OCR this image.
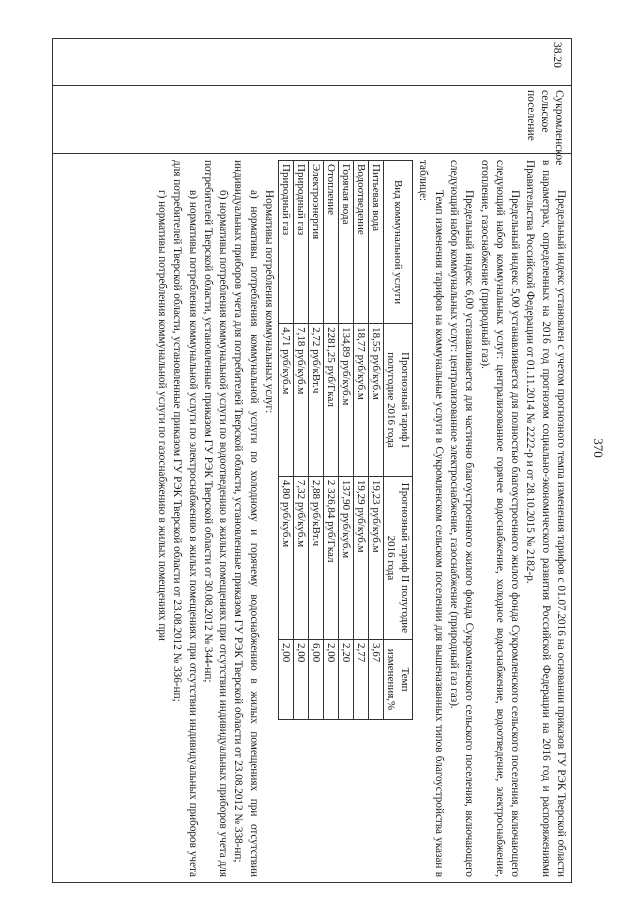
370
38.20
Сукромленское сельское поселение

Предельный индекс установлен с учетом прогнозного темпа изменения тарифов с 01.07.2016 на основании приказов ГУ РЭК Тверской области в параметрах, определенных на 2016 год прогнозом социально-экономического развития Российской Федерации на 2016 год и распоряжениями Правительства Российской Федерации от 01.11.2014 № 2222-р и от 28.10.2015 № 2182-р.

Предельный индекс 5,00 устанавливается для полностью благоустроенного жилого фонда Сукромленского сельского поселения, включающего следующий набор коммунальных услуг: централизованное горячее водоснабжение, холодное водоснабжение, водоотведение, электроснабжение, отопление, газоснабжение (природный газ).

Предельный индекс 6,00 устанавливается для частично благоустроенного жилого фонда Сукромленского сельского поселения, включающего следующий набор коммунальных услуг: централизованное электроснабжение, газоснабжение (природный газ газ).

Темп изменения тарифов на коммунальные услуги в Сукромленском сельском поселении для вышеназванных типов благоустройства указан в таблице:

Вид коммунальной услуги	Прогнозный тариф I полугодие 2016 года	Прогнозный тариф II полугодие 2016 года	Темп изменения,%
Питьевая вода	18,55 руб/куб.м	19,23 руб/куб.м	3,67
Водоотведение	18,77 руб/куб.м	19,29 руб/куб.м	2,77
Горячая вода	134,89 руб/куб.м	137,90 руб/куб.м	2,20
Отопление	2281,25 руб/Гкал	2 326,84 руб/Гкал	2,00
Электроэнергия	2,72 руб/кВт.ч	2,88 руб/кВт.ч	6,00
Природный газ	7,18 руб/куб.м	7,32 руб/куб.м	2,00
Природный газ	4,71 руб/куб.м	4,80 руб/куб.м	2,00

Нормативы потребления коммунальных услуг:

а) нормативы потребления коммунальной услуги по холодному и горячему водоснабжению в жилых помещениях при отсутствии индивидуальных приборов учета для потребителей Тверской области, установленные приказом ГУ РЭК Тверской области от 23.08.2012 № 338-нп;

б) нормативы потребления коммунальной услуги по водоотведению в жилых помещениях при отсутствии индивидуальных приборов учета для потребителей Тверской области, установленные приказом ГУ РЭК Тверской области от 30.08.2012 № 344-нп;

в) нормативы потребления коммунальной услуги по электроснабжению в жилых помещениях при отсутствии индивидуальных приборов учета для потребителей Тверской области, установленные приказом ГУ РЭК Тверской области от 23.08.2012 № 336-нп;

г) нормативы потребления коммунальной услуги по газоснабжению в жилых помещениях при
